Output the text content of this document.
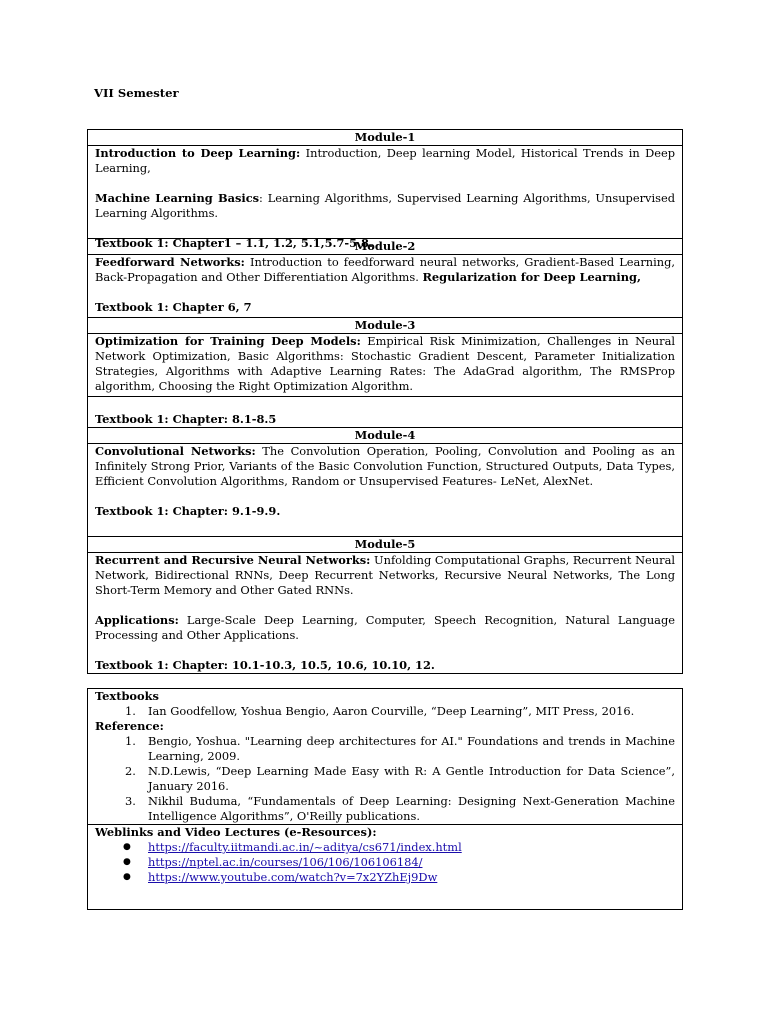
VII Semester
Module-1

Introduction to Deep Learning: Introduction, Deep learning Model, Historical Trends in Deep Learning,

Machine Learning Basics: Learning Algorithms, Supervised Learning Algorithms, Unsupervised Learning Algorithms.

Textbook 1: Chapter1 – 1.1, 1.2, 5.1,5.7-5.8.

Module-2

Feedforward Networks: Introduction to feedforward neural networks, Gradient-Based Learning, Back-Propagation and Other Differentiation Algorithms. Regularization for Deep Learning,

Textbook 1: Chapter 6, 7

Module-3

Optimization for Training Deep Models: Empirical Risk Minimization, Challenges in Neural Network Optimization, Basic Algorithms: Stochastic Gradient Descent, Parameter Initialization Strategies, Algorithms with Adaptive Learning Rates: The AdaGrad algorithm, The RMSProp algorithm, Choosing the Right Optimization Algorithm.

Textbook 1: Chapter: 8.1-8.5

Module-4

Convolutional Networks: The Convolution Operation, Pooling, Convolution and Pooling as an Infinitely Strong Prior, Variants of the Basic Convolution Function, Structured Outputs, Data Types, Efficient Convolution Algorithms, Random or Unsupervised Features- LeNet, AlexNet.

Textbook 1: Chapter: 9.1-9.9.

Module-5

Recurrent and Recursive Neural Networks: Unfolding Computational Graphs, Recurrent Neural Network, Bidirectional RNNs, Deep Recurrent Networks, Recursive Neural Networks, The Long Short-Term Memory and Other Gated RNNs.

Applications: Large-Scale Deep Learning, Computer, Speech Recognition, Natural Language Processing and Other Applications.

Textbook 1: Chapter: 10.1-10.3, 10.5, 10.6, 10.10, 12.

Textbooks
1. Ian Goodfellow, Yoshua Bengio, Aaron Courville, “Deep Learning”, MIT Press, 2016.
Reference:
1. Bengio, Yoshua. "Learning deep architectures for AI." Foundations and trends in Machine Learning, 2009.
2. N.D.Lewis, “Deep Learning Made Easy with R: A Gentle Introduction for Data Science”, January 2016.
3. Nikhil Buduma, “Fundamentals of Deep Learning: Designing Next-Generation Machine Intelligence Algorithms”, O'Reilly publications.
Weblinks and Video Lectures (e-Resources):
● https://faculty.iitmandi.ac.in/~aditya/cs671/index.html
● https://nptel.ac.in/courses/106/106/106106184/
● https://www.youtube.com/watch?v=7x2YZhEj9Dw
